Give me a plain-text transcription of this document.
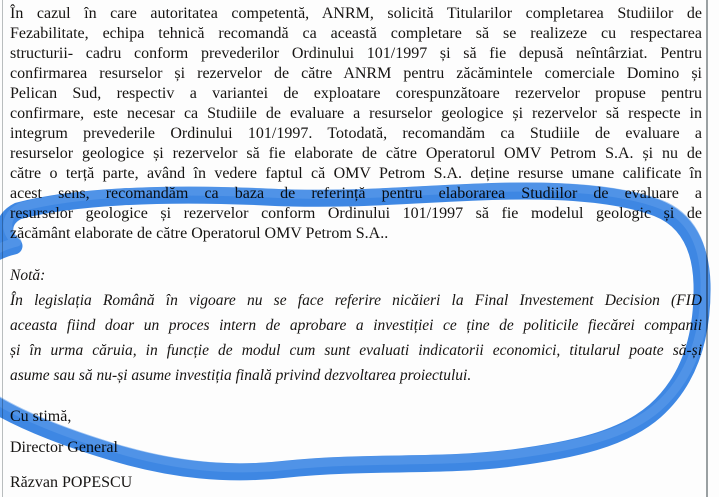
În cazul în care autoritatea competentă, ANRM, solicită Titularilor completarea Studiilor de
Fezabilitate, echipa tehnică recomandă ca această completare să se realizeze cu respectarea
structurii- cadru conform prevederilor Ordinului 101/1997 și să fie depusă neîntârziat. Pentru
confirmarea resurselor și rezervelor de către ANRM pentru zăcămintele comerciale Domino și
Pelican Sud, respectiv a variantei de exploatare corespunzătoare rezervelor propuse pentru
confirmare, este necesar ca Studiile de evaluare a resurselor geologice și rezervelor să respecte in
integrum prevederile Ordinului 101/1997. Totodată, recomandăm ca Studiile de evaluare a
resurselor geologice și rezervelor să fie elaborate de către Operatorul OMV Petrom S.A. și nu de
către o terță parte, având în vedere faptul că OMV Petrom S.A. deține resurse umane calificate în
acest sens, recomandăm ca baza de referință pentru elaborarea Studiilor de evaluare a
resurselor geologice și rezervelor conform Ordinului 101/1997 să fie modelul geologic și de
zăcământ elaborate de către Operatorul OMV Petrom S.A..
Notă:
În legislația Română în vigoare nu se face referire nicăieri la Final Investement Decision (FID
aceasta fiind doar un proces intern de aprobare a investiției ce ține de politicile fiecărei companii
și în urma căruia, in funcție de modul cum sunt evaluati indicatorii economici, titularul poate să-și
asume sau să nu-și asume investiția finală privind dezvoltarea proiectului.
Cu stimă,
Director General
Răzvan POPESCU
